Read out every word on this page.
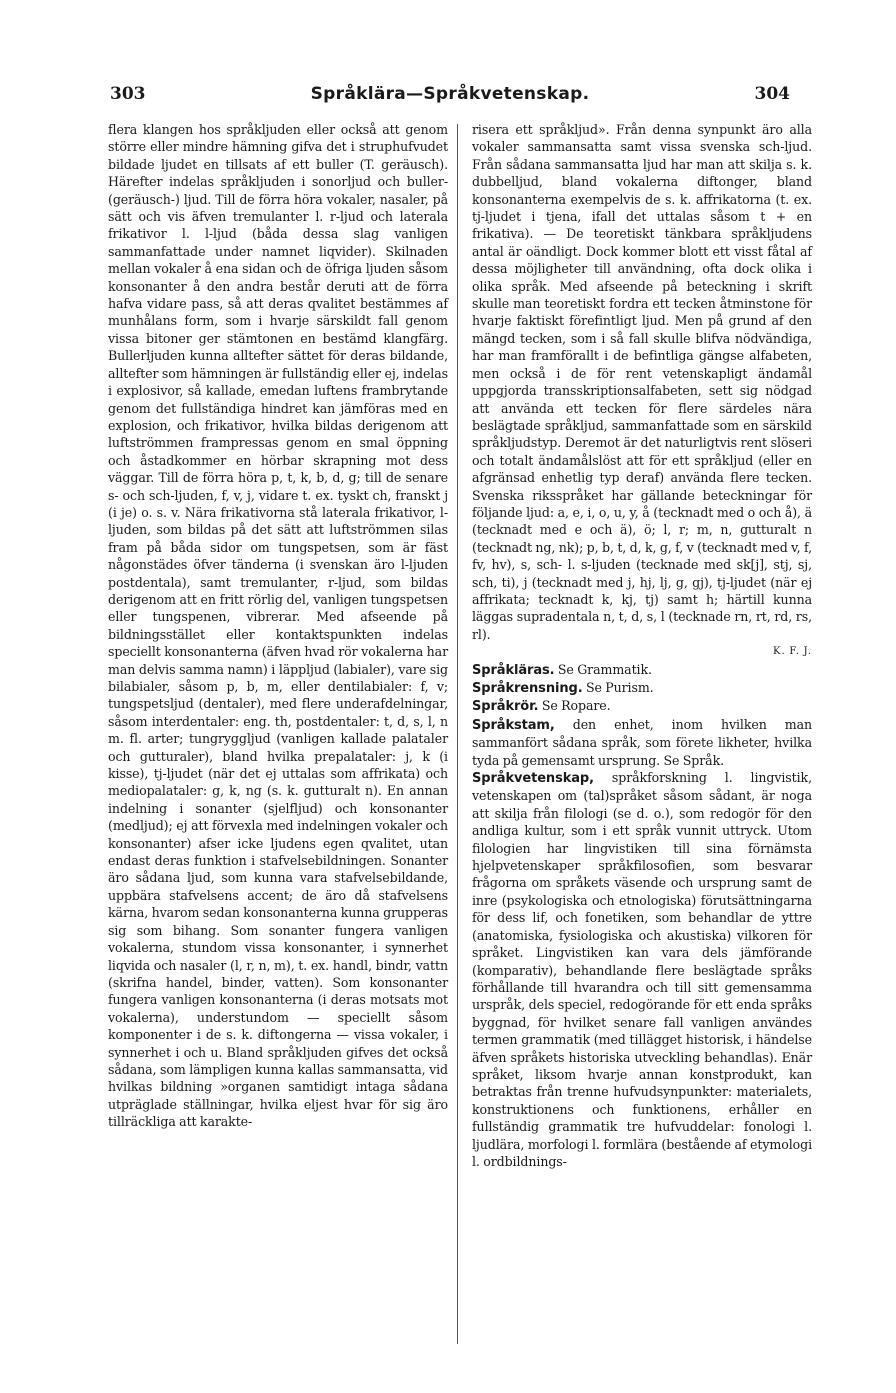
303	Språklära—Språkvetenskap.	304

flera klangen hos språkljuden eller också att genom större eller mindre hämning gifva det i struphufvudet bildade ljudet en tillsats af ett buller (T. geräusch). Härefter indelas språkljuden i sonorljud och buller- (geräusch-) ljud. Till de förra höra vokaler, nasaler, på sätt och vis äfven tremulanter l. r-ljud och laterala frikativor l. l-ljud (båda dessa slag vanligen sammanfattade under namnet liqvider). Skilnaden mellan vokaler å ena sidan och de öfriga ljuden såsom konsonanter å den andra består deruti att de förra hafva vidare pass, så att deras qvalitet bestämmes af munhålans form, som i hvarje särskildt fall genom vissa bitoner ger stämtonen en bestämd klangfärg. Bullerljuden kunna alltefter sättet för deras bildande, alltefter som hämningen är fullständig eller ej, indelas i explosivor, så kallade, emedan luftens frambrytande genom det fullständiga hindret kan jämföras med en explosion, och frikativor, hvilka bildas derigenom att luftströmmen frampressas genom en smal öppning och åstadkommer en hörbar skrapning mot dess väggar. Till de förra höra p, t, k, b, d, g; till de senare s- och sch-ljuden, f, v, j, vidare t. ex. tyskt ch, franskt j (i je) o. s. v. Nära frikativorna stå laterala frikativor, l-ljuden, som bildas på det sätt att luftströmmen silas fram på båda sidor om tungspetsen, som är fäst någonstädes öfver tänderna (i svenskan äro l-ljuden postdentala), samt tremulanter, r-ljud, som bildas derigenom att en fritt rörlig del, vanligen tungspetsen eller tungspenen, vibrerar. Med afseende på bildningsstället eller kontaktspunkten indelas speciellt konsonanterna (äfven hvad rör vokalerna har man delvis samma namn) i läppljud (labialer), vare sig bilabialer, såsom p, b, m, eller dentilabialer: f, v; tungspetsljud (dentaler), med flere underafdelningar, såsom interdentaler: eng. th, postdentaler: t, d, s, l, n m. fl. arter; tungryggljud (vanligen kallade palataler och gutturaler), bland hvilka prepalataler: j, k (i kisse), tj-ljudet (när det ej uttalas som affrikata) och mediopalataler: g, k, ng (s. k. gutturalt n). En annan indelning i sonanter (sjelfljud) och konsonanter (medljud); ej att förvexla med indelningen vokaler och konsonanter) afser icke ljudens egen qvalitet, utan endast deras funktion i stafvelsebildningen. Sonanter äro sådana ljud, som kunna vara stafvelsebildande, uppbära stafvelsens accent; de äro då stafvelsens kärna, hvarom sedan konsonanterna kunna grupperas sig som bihang. Som sonanter fungera vanligen vokalerna, stundom vissa konsonanter, i synnerhet liqvida och nasaler (l, r, n, m), t. ex. handl, bindr, vattn (skrifna handel, binder, vatten). Som konsonanter fungera vanligen konsonanterna (i deras motsats mot vokalerna), understundom — speciellt såsom komponenter i de s. k. diftongerna — vissa vokaler, i synnerhet i och u. Bland språkljuden gifves det också sådana, som lämpligen kunna kallas sammansatta, vid hvilkas bildning »organen samtidigt intaga sådana utpräglade ställningar, hvilka eljest hvar för sig äro tillräckliga att karakte-

risera ett språkljud». Från denna synpunkt äro alla vokaler sammansatta samt vissa svenska sch-ljud. Från sådana sammansatta ljud har man att skilja s. k. dubbelljud, bland vokalerna diftonger, bland konsonanterna exempelvis de s. k. affrikatorna (t. ex. tj-ljudet i tjena, ifall det uttalas såsom t + en frikativa). — De teoretiskt tänkbara språkljudens antal är oändligt. Dock kommer blott ett visst fåtal af dessa möjligheter till användning, ofta dock olika i olika språk. Med afseende på beteckning i skrift skulle man teoretiskt fordra ett tecken åtminstone för hvarje faktiskt förefintligt ljud. Men på grund af den mängd tecken, som i så fall skulle blifva nödvändiga, har man framförallt i de befintliga gängse alfabeten, men också i de för rent vetenskapligt ändamål uppgjorda transskriptionsalfabeten, sett sig nödgad att använda ett tecken för flere särdeles nära beslägtade språkljud, sammanfattade som en särskild språkljudstyp. Deremot är det naturligtvis rent slöseri och totalt ändamålslöst att för ett språkljud (eller en afgränsad enhetlig typ deraf) använda flere tecken. Svenska riksspråket har gällande beteckningar för följande ljud: a, e, i, o, u, y, å (tecknadt med o och å), ä (tecknadt med e och ä), ö; l, r; m, n, gutturalt n (tecknadt ng, nk); p, b, t, d, k, g, f, v (tecknadt med v, f, fv, hv), s, sch- l. s-ljuden (tecknade med sk[j], stj, sj, sch, ti), j (tecknadt med j, hj, lj, g, gj), tj-ljudet (när ej affrikata; tecknadt k, kj, tj) samt h; härtill kunna läggas supradentala n, t, d, s, l (tecknade rn, rt, rd, rs, rl).

K. F. J.

Språkläras. Se Grammatik.

Språkrensning. Se Purism.

Språkrör. Se Ropare.

Språkstam, den enhet, inom hvilken man sammanfört sådana språk, som förete likheter, hvilka tyda på gemensamt ursprung. Se Språk.

Språkvetenskap, språkforskning l. lingvistik, vetenskapen om (tal)språket såsom sådant, är noga att skilja från filologi (se d. o.), som redogör för den andliga kultur, som i ett språk vunnit uttryck. Utom filologien har lingvistiken till sina förnämsta hjelpvetenskaper språkfilosofien, som besvarar frågorna om språkets väsende och ursprung samt de inre (psykologiska och etnologiska) förutsättningarna för dess lif, och fonetiken, som behandlar de yttre (anatomiska, fysiologiska och akustiska) vilkoren för språket. Lingvistiken kan vara dels jämförande (komparativ), behandlande flere beslägtade språks förhållande till hvarandra och till sitt gemensamma urspråk, dels speciel, redogörande för ett enda språks byggnad, för hvilket senare fall vanligen användes termen grammatik (med tillägget historisk, i händelse äfven språkets historiska utveckling behandlas). Enär språket, liksom hvarje annan konstprodukt, kan betraktas från trenne hufvudsynpunkter: materialets, konstruktionens och funktionens, erhåller en fullständig grammatik tre hufvuddelar: fonologi l. ljudlära, morfologi l. formlära (bestående af etymologi l. ordbildnings-
